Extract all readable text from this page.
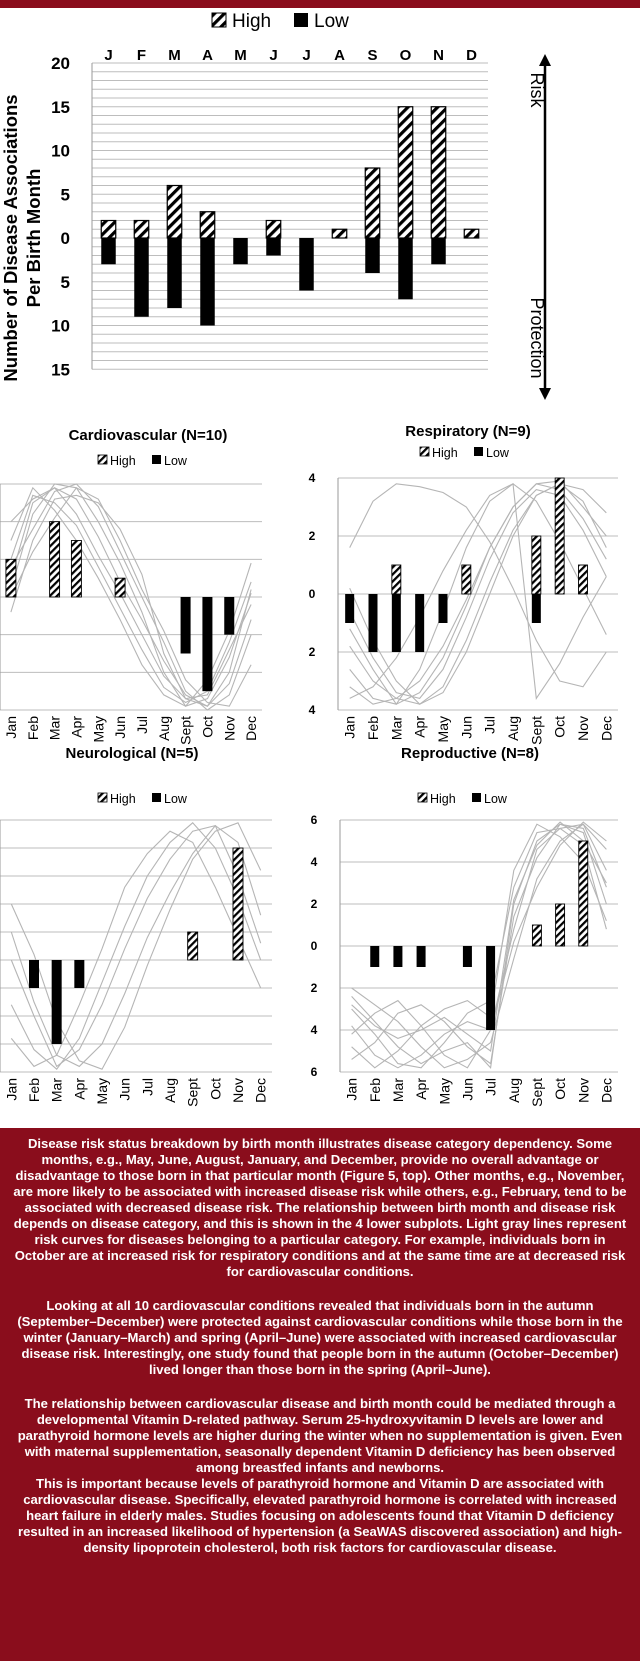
High Low
J F M A M J J A S O N D
20
15
10
5
0
5
10
15
Number of Disease Associations Per Birth Month
Risk
Protection
Cardiovascular (N=10)
High Low
Jan Feb Mar Apr May Jun Jul Aug Sept Oct Nov Dec
Respiratory (N=9)
High Low
4
2
0
2
4
Jan Feb Mar Apr May Jun Jul Aug Sept Oct Nov Dec
Neurological (N=5)
High Low
Jan Feb Mar Apr May Jun Jul Aug Sept Oct Nov Dec
Reproductive (N=8)
High Low
6
4
2
0
2
4
6
Jan Feb Mar Apr May Jun Jul Aug Sept Oct Nov Dec

Disease risk status breakdown by birth month illustrates disease category dependency. Some months, e.g., May, June, August, January, and December, provide no overall advantage or disadvantage to those born in that particular month (Figure 5, top). Other months, e.g., November, are more likely to be associated with increased disease risk while others, e.g., February, tend to be associated with decreased disease risk. The relationship between birth month and disease risk depends on disease category, and this is shown in the 4 lower subplots. Light gray lines represent risk curves for diseases belonging to a particular category. For example, individuals born in October are at increased risk for respiratory conditions and at the same time are at decreased risk for cardiovascular conditions.

Looking at all 10 cardiovascular conditions revealed that individuals born in the autumn (September–December) were protected against cardiovascular conditions while those born in the winter (January–March) and spring (April–June) were associated with increased cardiovascular disease risk. Interestingly, one study found that people born in the autumn (October–December) lived longer than those born in the spring (April–June).

The relationship between cardiovascular disease and birth month could be mediated through a developmental Vitamin D-related pathway. Serum 25-hydroxyvitamin D levels are lower and parathyroid hormone levels are higher during the winter when no supplementation is given. Even with maternal supplementation, seasonally dependent Vitamin D deficiency has been observed among breastfed infants and newborns.
This is important because levels of parathyroid hormone and Vitamin D are associated with cardiovascular disease. Specifically, elevated parathyroid hormone is correlated with increased heart failure in elderly males. Studies focusing on adolescents found that Vitamin D deficiency resulted in an increased likelihood of hypertension (a SeaWAS discovered association) and high-density lipoprotein cholesterol, both risk factors for cardiovascular disease.
